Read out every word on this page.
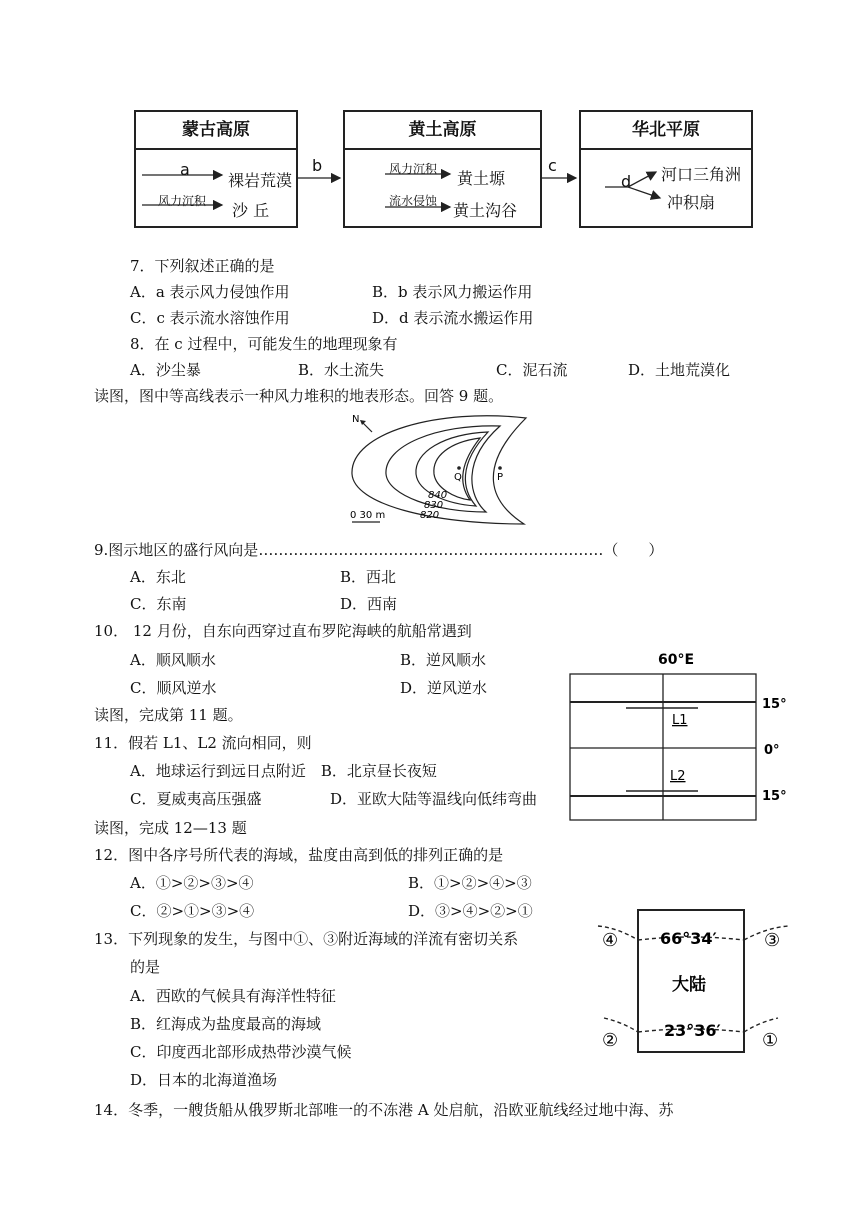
蒙古高原
a
裸岩荒漠
风力沉积 沙 丘
黄土高原
风力沉积 黄土塬
流水侵蚀 黄土沟谷
华北平原
d 河口三角洲
冲积扇
b	c
7．下列叙述正确的是
A．a 表示风力侵蚀作用	B．b 表示风力搬运作用
C．c 表示流水溶蚀作用	D．d 表示流水搬运作用
8．在 c 过程中，可能发生的地理现象有
A．沙尘暴	B．水土流失	C．泥石流	D．土地荒漠化
读图，图中等高线表示一种风力堆积的地表形态。回答 9 题。
N
Q	P
840
830
820
0 30 m
9.图示地区的盛行风向是……………………………………………………………（　　）
A．东北	B．西北
C．东南	D．西南
10． 12 月份，自东向西穿过直布罗陀海峡的航船常遇到
A．顺风顺水	B．逆风顺水
C．顺风逆水	D．逆风逆水
读图，完成第 11 题。
11．假若 L1、L2 流向相同，则
A．地球运行到远日点附近　B．北京昼长夜短
C．夏威夷高压强盛	D．亚欧大陆等温线向低纬弯曲
60°E
L1
L2
15°
0°
15°
读图，完成 12—13 题
12．图中各序号所代表的海域，盐度由高到低的排列正确的是
A．①>②>③>④	B．①>②>④>③
C．②>①>③>④	D．③>④>②>①
13．下列现象的发生，与图中①、③附近海域的洋流有密切关系
的是
A．西欧的气候具有海洋性特征
B．红海成为盐度最高的海域
C．印度西北部形成热带沙漠气候
D．日本的北海道渔场
14．冬季，一艘货船从俄罗斯北部唯一的不冻港 A 处启航，沿欧亚航线经过地中海、苏
66°34′
23°36′
大陆
④	③
②	①
